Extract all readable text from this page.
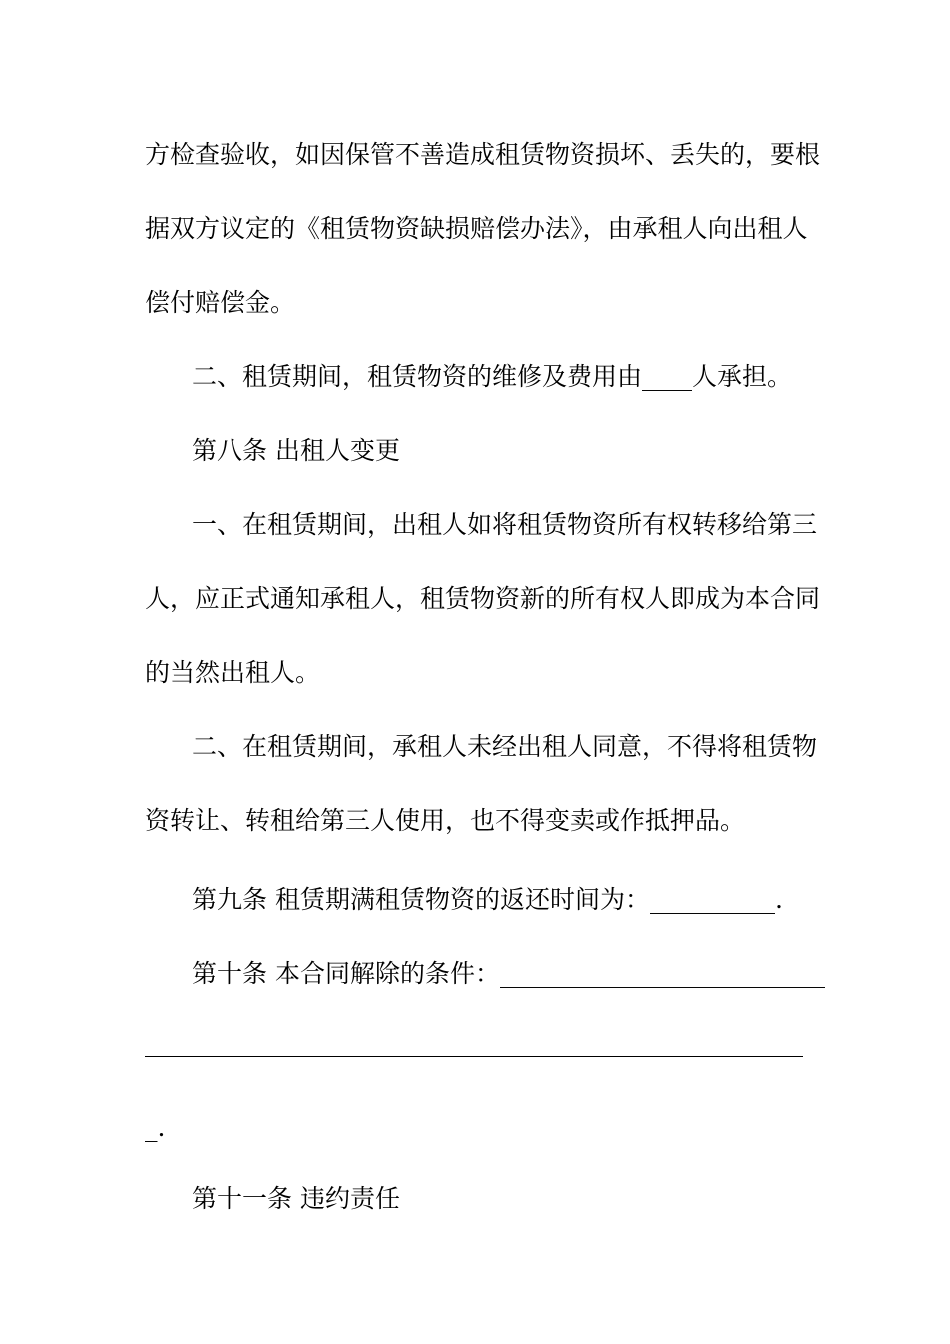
方检查验收，如因保管不善造成租赁物资损坏、丢失的，要根
据双方议定的《租赁物资缺损赔偿办法》，由承租人向出租人
偿付赔偿金。
二、租赁期间，租赁物资的维修及费用由____人承担。
第八条 出租人变更
一、在租赁期间，出租人如将租赁物资所有权转移给第三
人，应正式通知承租人，租赁物资新的所有权人即成为本合同
的当然出租人。
二、在租赁期间，承租人未经出租人同意，不得将租赁物
资转让、转租给第三人使用，也不得变卖或作抵押品。
第九条 租赁期满租赁物资的返还时间为：__________.
第十条 本合同解除的条件：__________________________
_.
第十一条 违约责任
